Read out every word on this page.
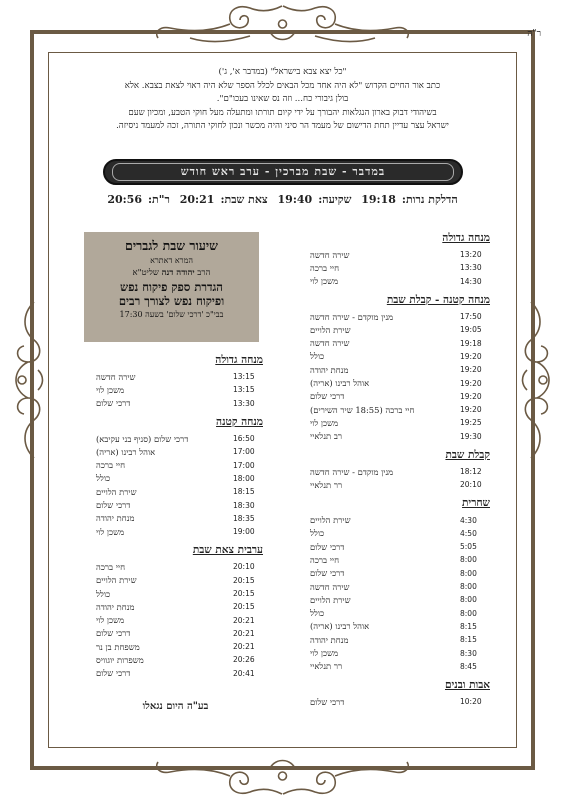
ר"ה

"כל יצא צבא בישראל" (במדבר א', ג')

כתב אור החיים הקדוש "לא היה אחד מכל הבאים לכלל הספר שלא היה ראוי לצאת בצבא. אלא

בולן גיבורי כח... וזה נס שאינו בעכו"ם".

בשיהודי דבוק בארון הנגלאות יהבורך על ידי קיום תורתו ומתעלה מעל חוקי הטבע, ומכיון שעם

ישראל עצר עדיין תחת הדישום של מעמד הר סיני והיה מכשר ונכון לחוקי התורה, זכה למעמד ניסיזה.

במדבר - שבת מברכין - ערב ראש חודש
הדלקת נרות:19:18 שקיעה:19:40 צאת שבת:20:21 ר"ת:20:56
שיעור שבת לגברים
המרא דאתרא
הרב יהודה דנה שליט"א
הגדרת ספק פיקוח נפש
ופיקוח נפש לצורך רבים
בבי"כ 'דרכי שלום' בשעה 17:30
מנחה גדולה
13:20
שירה חדשה
13:30
חיי ברכה
14:30
משכן לוי
מנחה קטנה - קבלת שבת
17:50
מנין מוקדם - שירה חדשה
19:05
שירת הלויים
19:18
שירה חדשה
19:20
כולל
19:20
מנחת יהודה
19:20
אוהל רבינו (אריה)
19:20
דרכי שלום
19:20
חיי ברכה (18:55 שיר השירים)
19:25
משכן לוי
19:30
רב תנלאיי
קבלת שבת
18:12
מנין מוקדם - שירה חדשה
20:10
רר תנלאיי
שחרית
4:30
שירת הלויים
4:50
כולל
5:05
דרכי שלום
8:00
חיי ברכה
8:00
דרכי שלום
8:00
שירה חדשה
8:00
שירת הלויים
8:00
כולל
8:15
אוהל רבינו (אריה)
8:15
מנחת יהודה
8:30
משכן לוי
8:45
רר תנלאיי
אבות ובנים
10:20
דרכי שלום
מנחה גדולה
13:15
שירה חדשה
13:15
משכן לוי
13:30
דרכי שלום
מנחה קטנה
16:50
דרכי שלום (סניף בני עקיבא)
17:00
אוהל רבינו (אריה)
17:00
חיי ברכה
18:00
כולל
18:15
שירת הלויים
18:30
דרכי שלום
18:35
מנחת יהודה
19:00
משכן לוי
ערבית צאת שבת
20:10
חיי ברכה
20:15
שירת הלויים
20:15
כולל
20:15
מנחת יהודה
20:21
משכן לוי
20:21
דרכי שלום
20:21
משפחת בן נר
20:26
משפרות יוגוויס
20:41
דרכי שלום
בע"ה היום נגאלו
